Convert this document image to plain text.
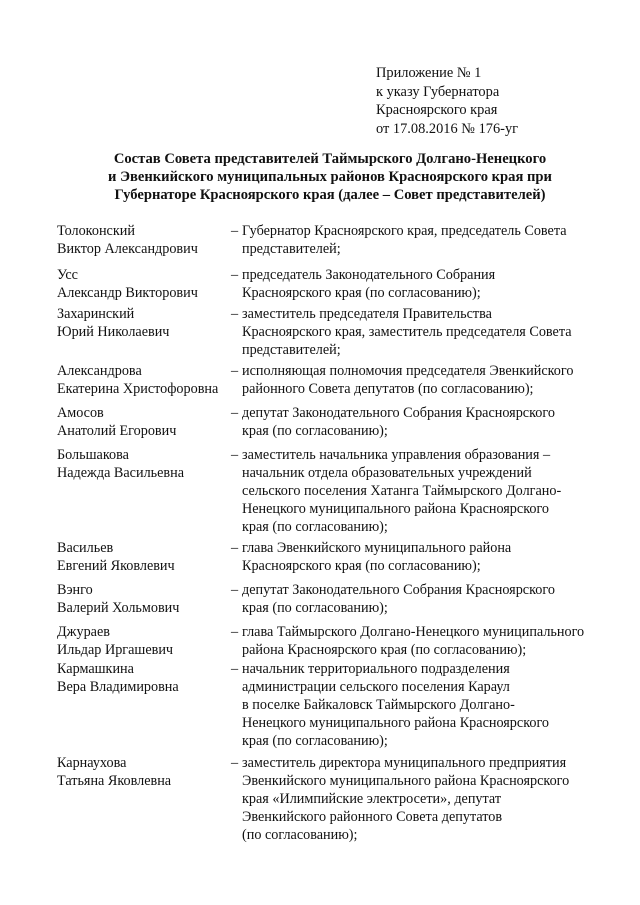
Приложение № 1
к указу Губернатора
Красноярского края
от 17.08.2016 № 176-уг
Состав Совета представителей Таймырского Долгано-Ненецкого
и Эвенкийского муниципальных районов Красноярского края при
Губернаторе Красноярского края (далее – Совет представителей)
Толоконский
Виктор Александрович
– Губернатор Красноярского края, председатель Совета
представителей;
Усс
Александр Викторович
– председатель Законодательного Собрания
Красноярского края (по согласованию);
Захаринский
Юрий Николаевич
– заместитель председателя Правительства
Красноярского края, заместитель председателя Совета
представителей;
Александрова
Екатерина Христофоровна
– исполняющая полномочия председателя Эвенкийского
районного Совета депутатов (по согласованию);
Амосов
Анатолий Егорович
– депутат Законодательного Собрания Красноярского
края (по согласованию);
Большакова
Надежда Васильевна
– заместитель начальника управления образования –
начальник отдела образовательных учреждений
сельского поселения Хатанга Таймырского Долгано-
Ненецкого муниципального района Красноярского
края (по согласованию);
Васильев
Евгений Яковлевич
– глава Эвенкийского муниципального района
Красноярского края (по согласованию);
Вэнго
Валерий Хольмович
– депутат Законодательного Собрания Красноярского
края (по согласованию);
Джураев
Ильдар Иргашевич
– глава Таймырского Долгано-Ненецкого муниципального
района Красноярского края (по согласованию);
Кармашкина
Вера Владимировна
– начальник территориального подразделения
администрации сельского поселения Караул
в поселке Байкаловск Таймырского Долгано-
Ненецкого муниципального района Красноярского
края (по согласованию);
Карнаухова
Татьяна Яковлевна
– заместитель директора муниципального предприятия
Эвенкийского муниципального района Красноярского
края «Илимпийские электросети», депутат
Эвенкийского районного Совета депутатов
(по согласованию);
